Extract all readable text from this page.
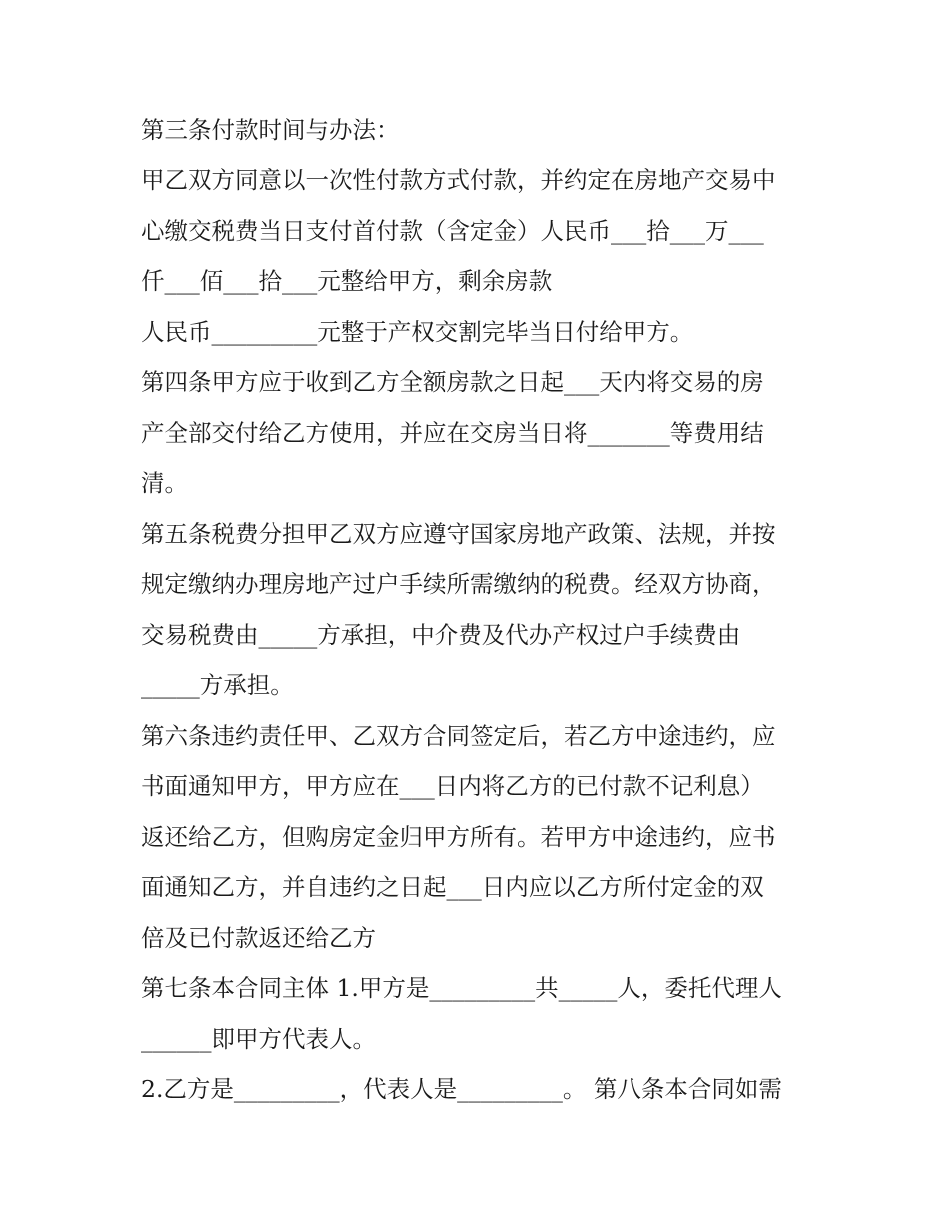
第三条付款时间与办法：

甲乙双方同意以一次性付款方式付款，并约定在房地产交易中

心缴交税费当日支付首付款（含定金）人民币___拾___万___

仟___佰___拾___元整给甲方，剩余房款

人民币_________元整于产权交割完毕当日付给甲方。

第四条甲方应于收到乙方全额房款之日起___天内将交易的房

产全部交付给乙方使用，并应在交房当日将_______等费用结

清。

第五条税费分担甲乙双方应遵守国家房地产政策、法规，并按

规定缴纳办理房地产过户手续所需缴纳的税费。经双方协商，

交易税费由_____方承担，中介费及代办产权过户手续费由

_____方承担。

第六条违约责任甲、乙双方合同签定后，若乙方中途违约，应

书面通知甲方，甲方应在___日内将乙方的已付款不记利息）

返还给乙方，但购房定金归甲方所有。若甲方中途违约，应书

面通知乙方，并自违约之日起___日内应以乙方所付定金的双

倍及已付款返还给乙方

第七条本合同主体 1.甲方是_________共_____人，委托代理人

______即甲方代表人。

2.乙方是_________，代表人是_________。 第八条本合同如需
